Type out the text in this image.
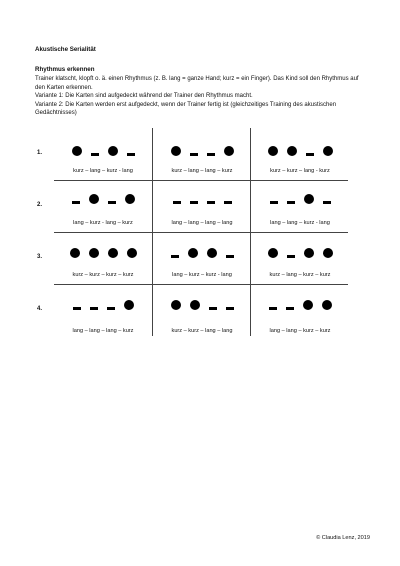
Akustische Serialität
Rhythmus erkennen

Trainer klatscht, klopft o. ä. einen Rhythmus (z. B. lang = ganze Hand; kurz = ein Finger). Das Kind soll den Rhythmus auf den Karten erkennen.

Variante 1: Die Karten sind aufgedeckt während der Trainer den Rhythmus macht.

Variante 2: Die Karten werden erst aufgedeckt, wenn der Trainer fertig ist (gleichzeitiges Training des akustischen Gedächtnisses)

1.
kurz – lang – kurz - lang	kurz – lang – lang – kurz	kurz – kurz – lang - kurz
2.
lang – kurz - lang – kurz	lang – lang – lang – lang	lang – lang – kurz - lang
3.
kurz – kurz – kurz – kurz	lang – kurz – kurz - lang	kurz – lang – kurz – kurz
4.
lang – lang – lang – kurz	kurz – kurz – lang – lang	lang – lang – kurz – kurz
© Claudia Lenz, 2019
